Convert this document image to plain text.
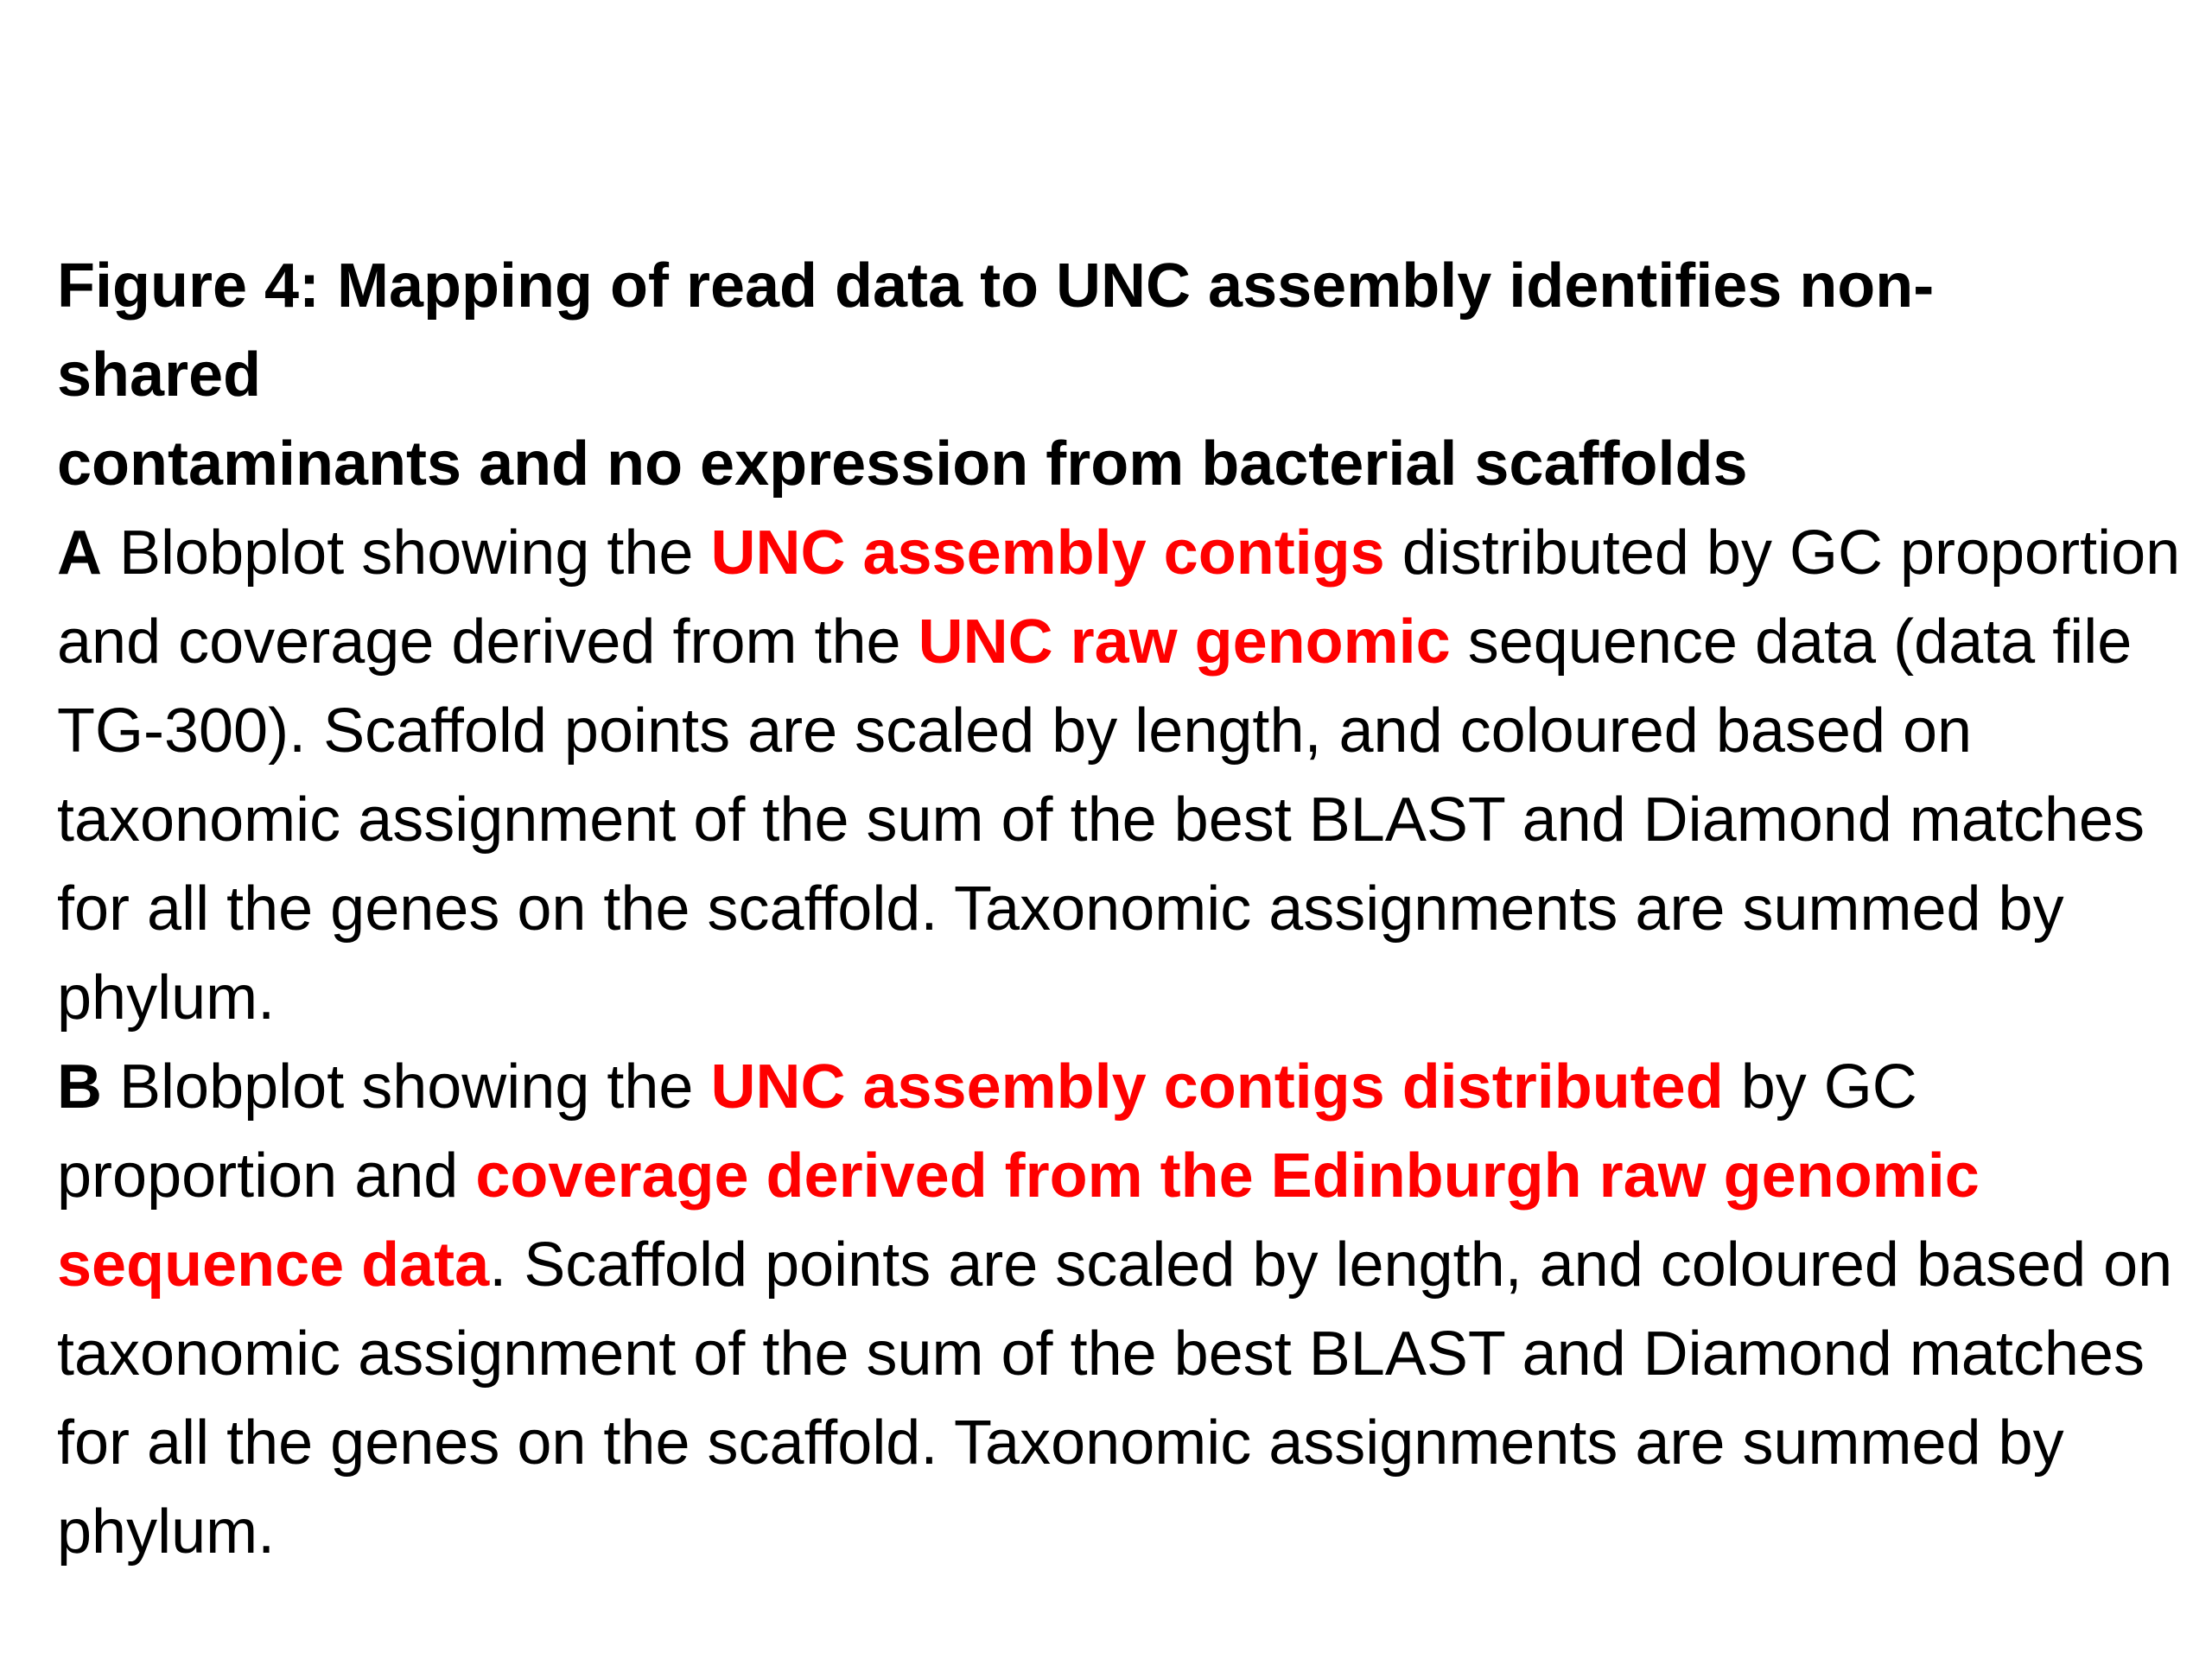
Figure 4: Mapping of read data to UNC assembly identifies non-
shared
contaminants and no expression from bacterial scaffolds

A Blobplot showing the UNC assembly contigs distributed by GC proportion and coverage derived from the UNC raw genomic sequence data (data file TG-300). Scaffold points are scaled by length, and coloured based on taxonomic assignment of the sum of the best BLAST and Diamond matches for all the genes on the scaffold. Taxonomic assignments are summed by phylum.

B Blobplot showing the UNC assembly contigs distributed by GC proportion and coverage derived from the Edinburgh raw genomic sequence data. Scaffold points are scaled by length, and coloured based on taxonomic assignment of the sum of the best BLAST and Diamond matches for all the genes on the scaffold. Taxonomic assignments are summed by phylum.
